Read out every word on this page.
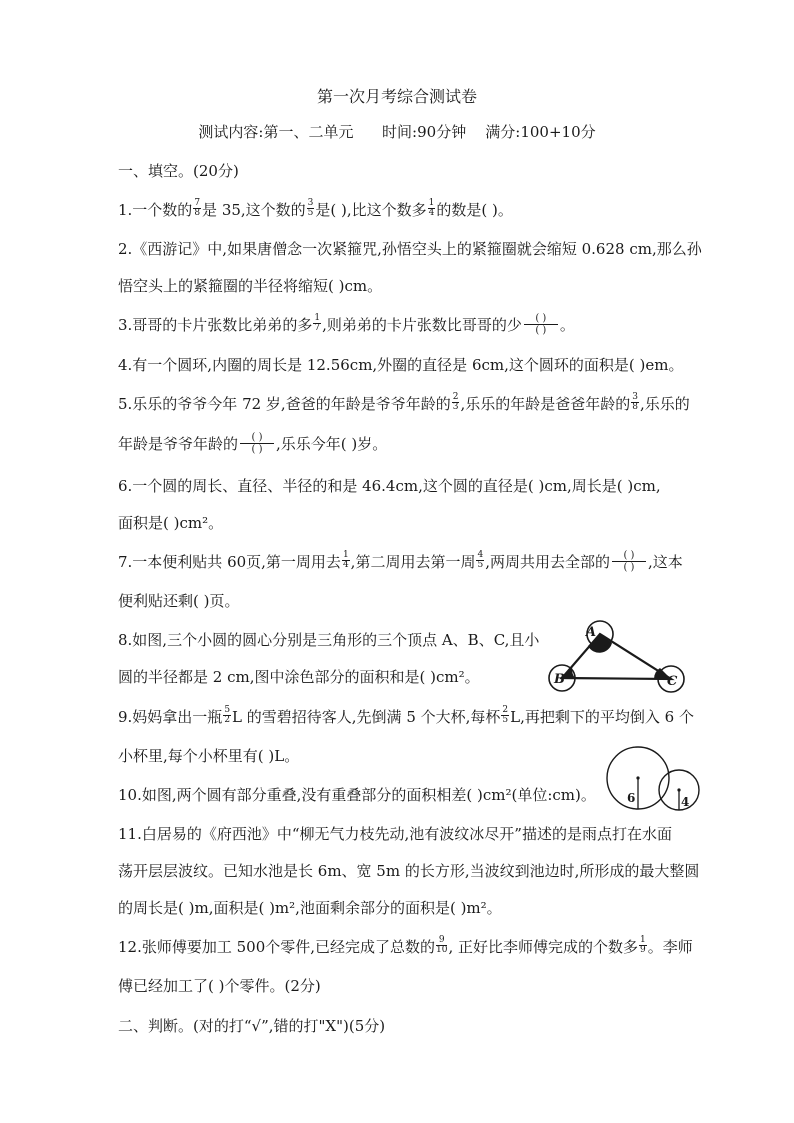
第一次月考综合测试卷
测试内容:第一、二单元      时间:90分钟    满分:100+10分
一、填空。(20分)
1.一个数的 $\frac{7}{8}$ 是 35,这个数的 $\frac{3}{5}$ 是( ),比这个数多 $\frac{1}{4}$ 的数是( )。
2.《西游记》中,如果唐僧念一次紧箍咒,孙悟空头上的紧箍圈就会缩短 0.628 cm,那么孙
悟空头上的紧箍圈的半径将缩短( )cm。
3.哥哥的卡片张数比弟弟的多 $\frac{1}{7}$ ,则弟弟的卡片张数比哥哥的少	( )
( ) 。
4.有一个圆环,内圈的周长是 12.56cm,外圈的直径是 6cm,这个圆环的面积是( )em。
5.乐乐的爷爷今年 72 岁,爸爸的年龄是爷爷年龄的 $\frac{2}{3}$ ,乐乐的年龄是爸爸年龄的 $\frac{3}{8}$ ,乐乐的
年龄是爷爷年龄的	( )
( ) ,乐乐今年( )岁。
6.一个圆的周长、直径、半径的和是 46.4cm,这个圆的直径是( )cm,周长是( )cm,
面积是( )cm²。
7.一本便利贴共 60页,第一周用去 $\frac{1}{4}$ ,第二周用去第一周 $\frac{4}{5}$ ,两周共用去全部的	( )
( ) ,这本
便利贴还剩( )页。
8.如图,三个小圆的圆心分别是三角形的三个顶点 A、B、C,且小
圆的半径都是 2 cm,图中涂色部分的面积和是( )cm²。
A
B	C
9.妈妈拿出一瓶 $\frac{5}{2}$ L 的雪碧招待客人,先倒满 5 个大杯,每杯 $\frac{2}{5} L$,再把剩下的平均倒入 6 个
小杯里,每个小杯里有( )L。
10.如图,两个圆有部分重叠,没有重叠部分的面积相差( )cm²(单位:cm)。	6	4
11.白居易的《府西池》中“柳无气力枝先动,池有波纹冰尽开”描述的是雨点打在水面
荡开层层波纹。已知水池是长 6m、宽 5m 的长方形,当波纹到池边时,所形成的最大整圆
的周长是( )m,面积是( )m²,池面剩余部分的面积是( )m²。
12.张师傅要加工 500个零件,已经完成了总数的 $\frac{9}{10}$ , 正好比李师傅完成的个数多 $\frac{1}{9}$ 。李师
傅已经加工了( )个零件。(2分)
二、判断。(对的打“√”,错的打"X")(5分)
